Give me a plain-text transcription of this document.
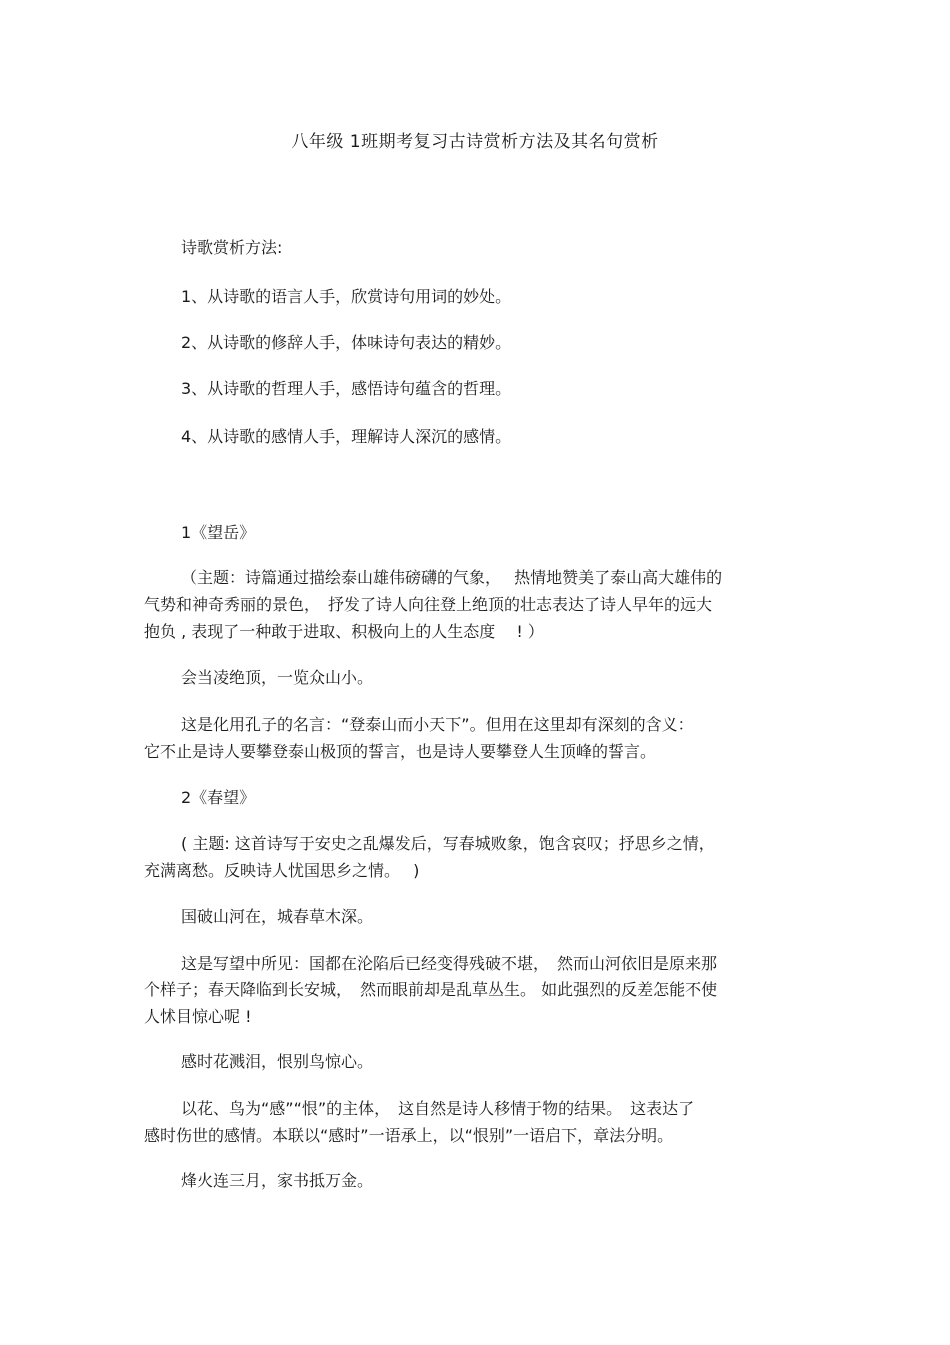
八年级 1班期考复习古诗赏析方法及其名句赏析
诗歌赏析方法:
1、从诗歌的语言人手，欣赏诗句用词的妙处。
2、从诗歌的修辞人手，体味诗句表达的精妙。
3、从诗歌的哲理人手，感悟诗句蕴含的哲理。
4、从诗歌的感情人手，理解诗人深沉的感情。
1《望岳》
（主题：诗篇通过描绘泰山雄伟磅礴的气象，　 热情地赞美了泰山高大雄伟的
气势和神奇秀丽的景色，　抒发了诗人向往登上绝顶的壮志表达了诗人早年的远大
抱负 , 表现了一种敢于进取、积极向上的人生态度　 ! ）
会当凌绝顶，一览众山小。
这是化用孔子的名言：“登泰山而小天下”。但用在这里却有深刻的含义：
它不止是诗人要攀登泰山极顶的誓言，也是诗人要攀登人生顶峰的誓言。
2《春望》
( 主题: 这首诗写于安史之乱爆发后，写春城败象，饱含哀叹；抒思乡之情，
充满离愁。反映诗人忧国思乡之情。　 )
国破山河在，城春草木深。
这是写望中所见：国都在沦陷后已经变得残破不堪，　然而山河依旧是原来那
个样子；春天降临到长安城，　然而眼前却是乱草丛生。 如此强烈的反差怎能不使
人怵目惊心呢 !
感时花溅泪，恨别鸟惊心。
以花、鸟为“感”“恨”的主体，　这自然是诗人移情于物的结果。　这表达了
感时伤世的感情。本联以“感时”一语承上，以“恨别”一语启下，章法分明。
烽火连三月，家书抵万金。
